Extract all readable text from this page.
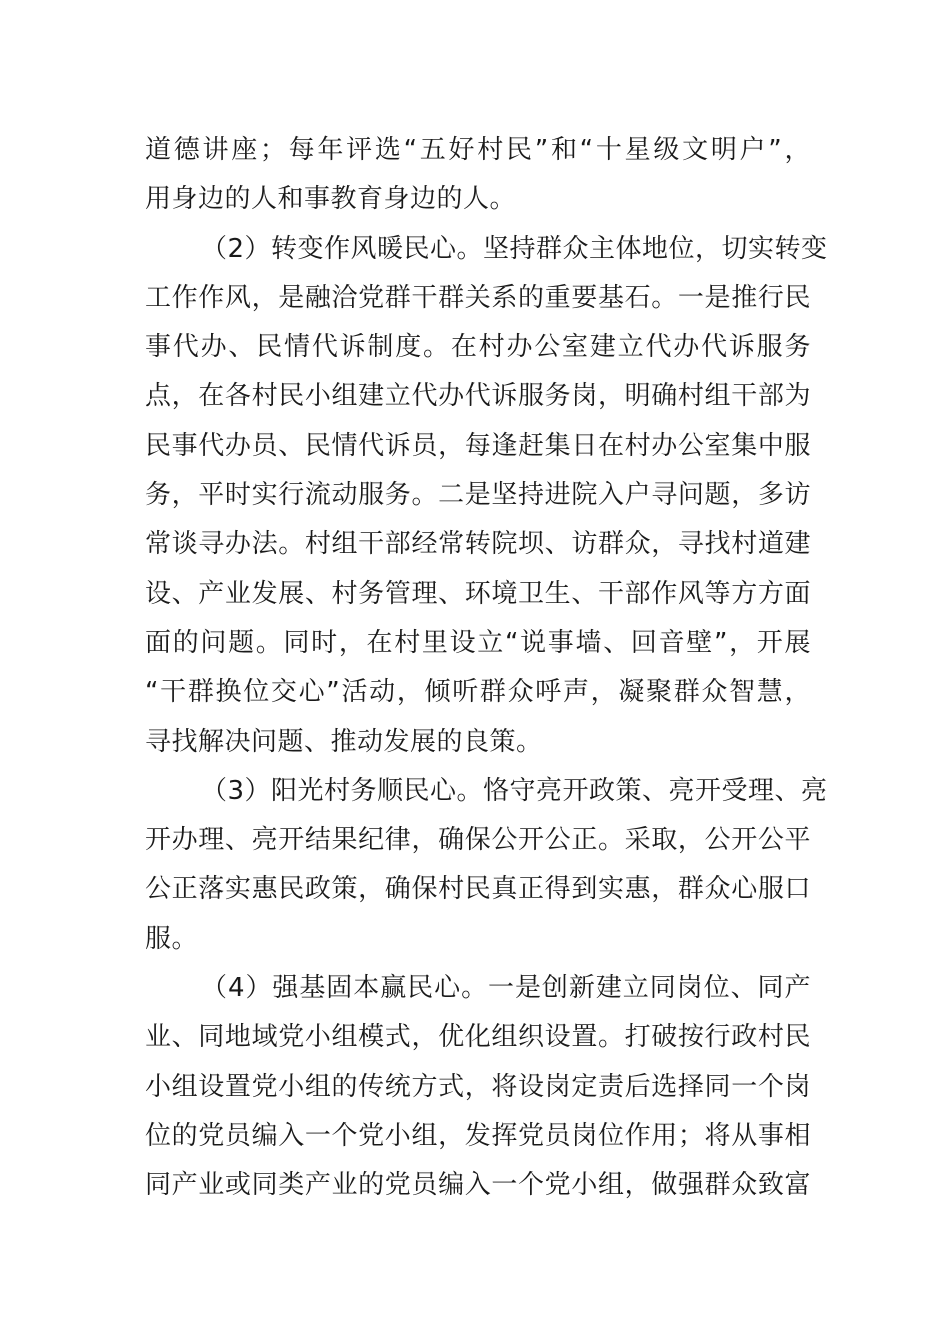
道德讲座；每年评选“五好村民”和“十星级文明户”，
用身边的人和事教育身边的人。
（2）转变作风暖民心。坚持群众主体地位，切实转变
工作作风，是融洽党群干群关系的重要基石。一是推行民
事代办、民情代诉制度。在村办公室建立代办代诉服务
点，在各村民小组建立代办代诉服务岗，明确村组干部为
民事代办员、民情代诉员，每逢赶集日在村办公室集中服
务，平时实行流动服务。二是坚持进院入户寻问题，多访
常谈寻办法。村组干部经常转院坝、访群众，寻找村道建
设、产业发展、村务管理、环境卫生、干部作风等方方面
面的问题。同时，在村里设立“说事墙、回音壁”，开展
“干群换位交心”活动，倾听群众呼声，凝聚群众智慧，
寻找解决问题、推动发展的良策。
（3）阳光村务顺民心。恪守亮开政策、亮开受理、亮
开办理、亮开结果纪律，确保公开公正。采取，公开公平
公正落实惠民政策，确保村民真正得到实惠，群众心服口
服。
（4）强基固本赢民心。一是创新建立同岗位、同产
业、同地域党小组模式，优化组织设置。打破按行政村民
小组设置党小组的传统方式，将设岗定责后选择同一个岗
位的党员编入一个党小组，发挥党员岗位作用；将从事相
同产业或同类产业的党员编入一个党小组，做强群众致富
